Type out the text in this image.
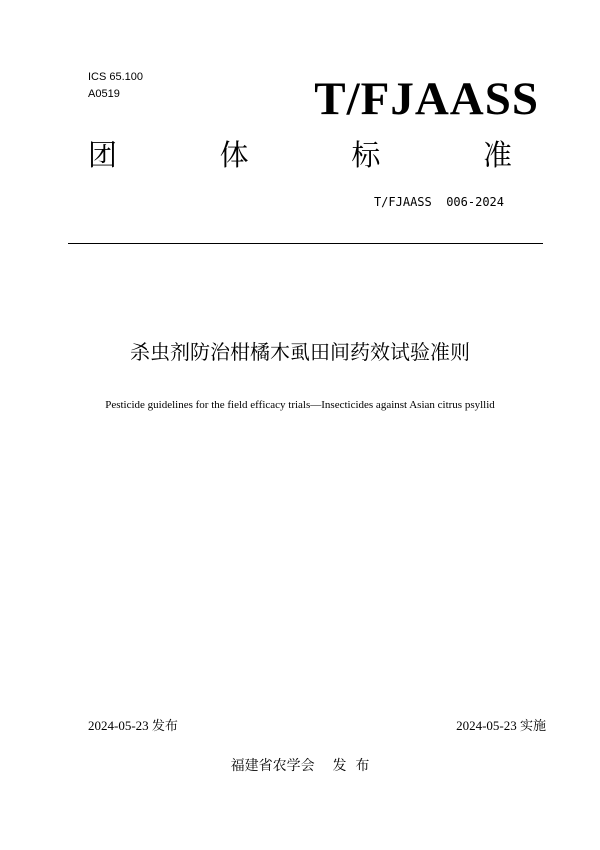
ICS 65.100
A0519	T/FJAASS
团	体	标	准
T/FJAASS  006-2024
杀虫剂防治柑橘木虱田间药效试验准则
Pesticide guidelines for the field efficacy trials—Insecticides against Asian citrus psyllid
2024-05-23 发布	2024-05-23 实施
福建省农学会    发  布
